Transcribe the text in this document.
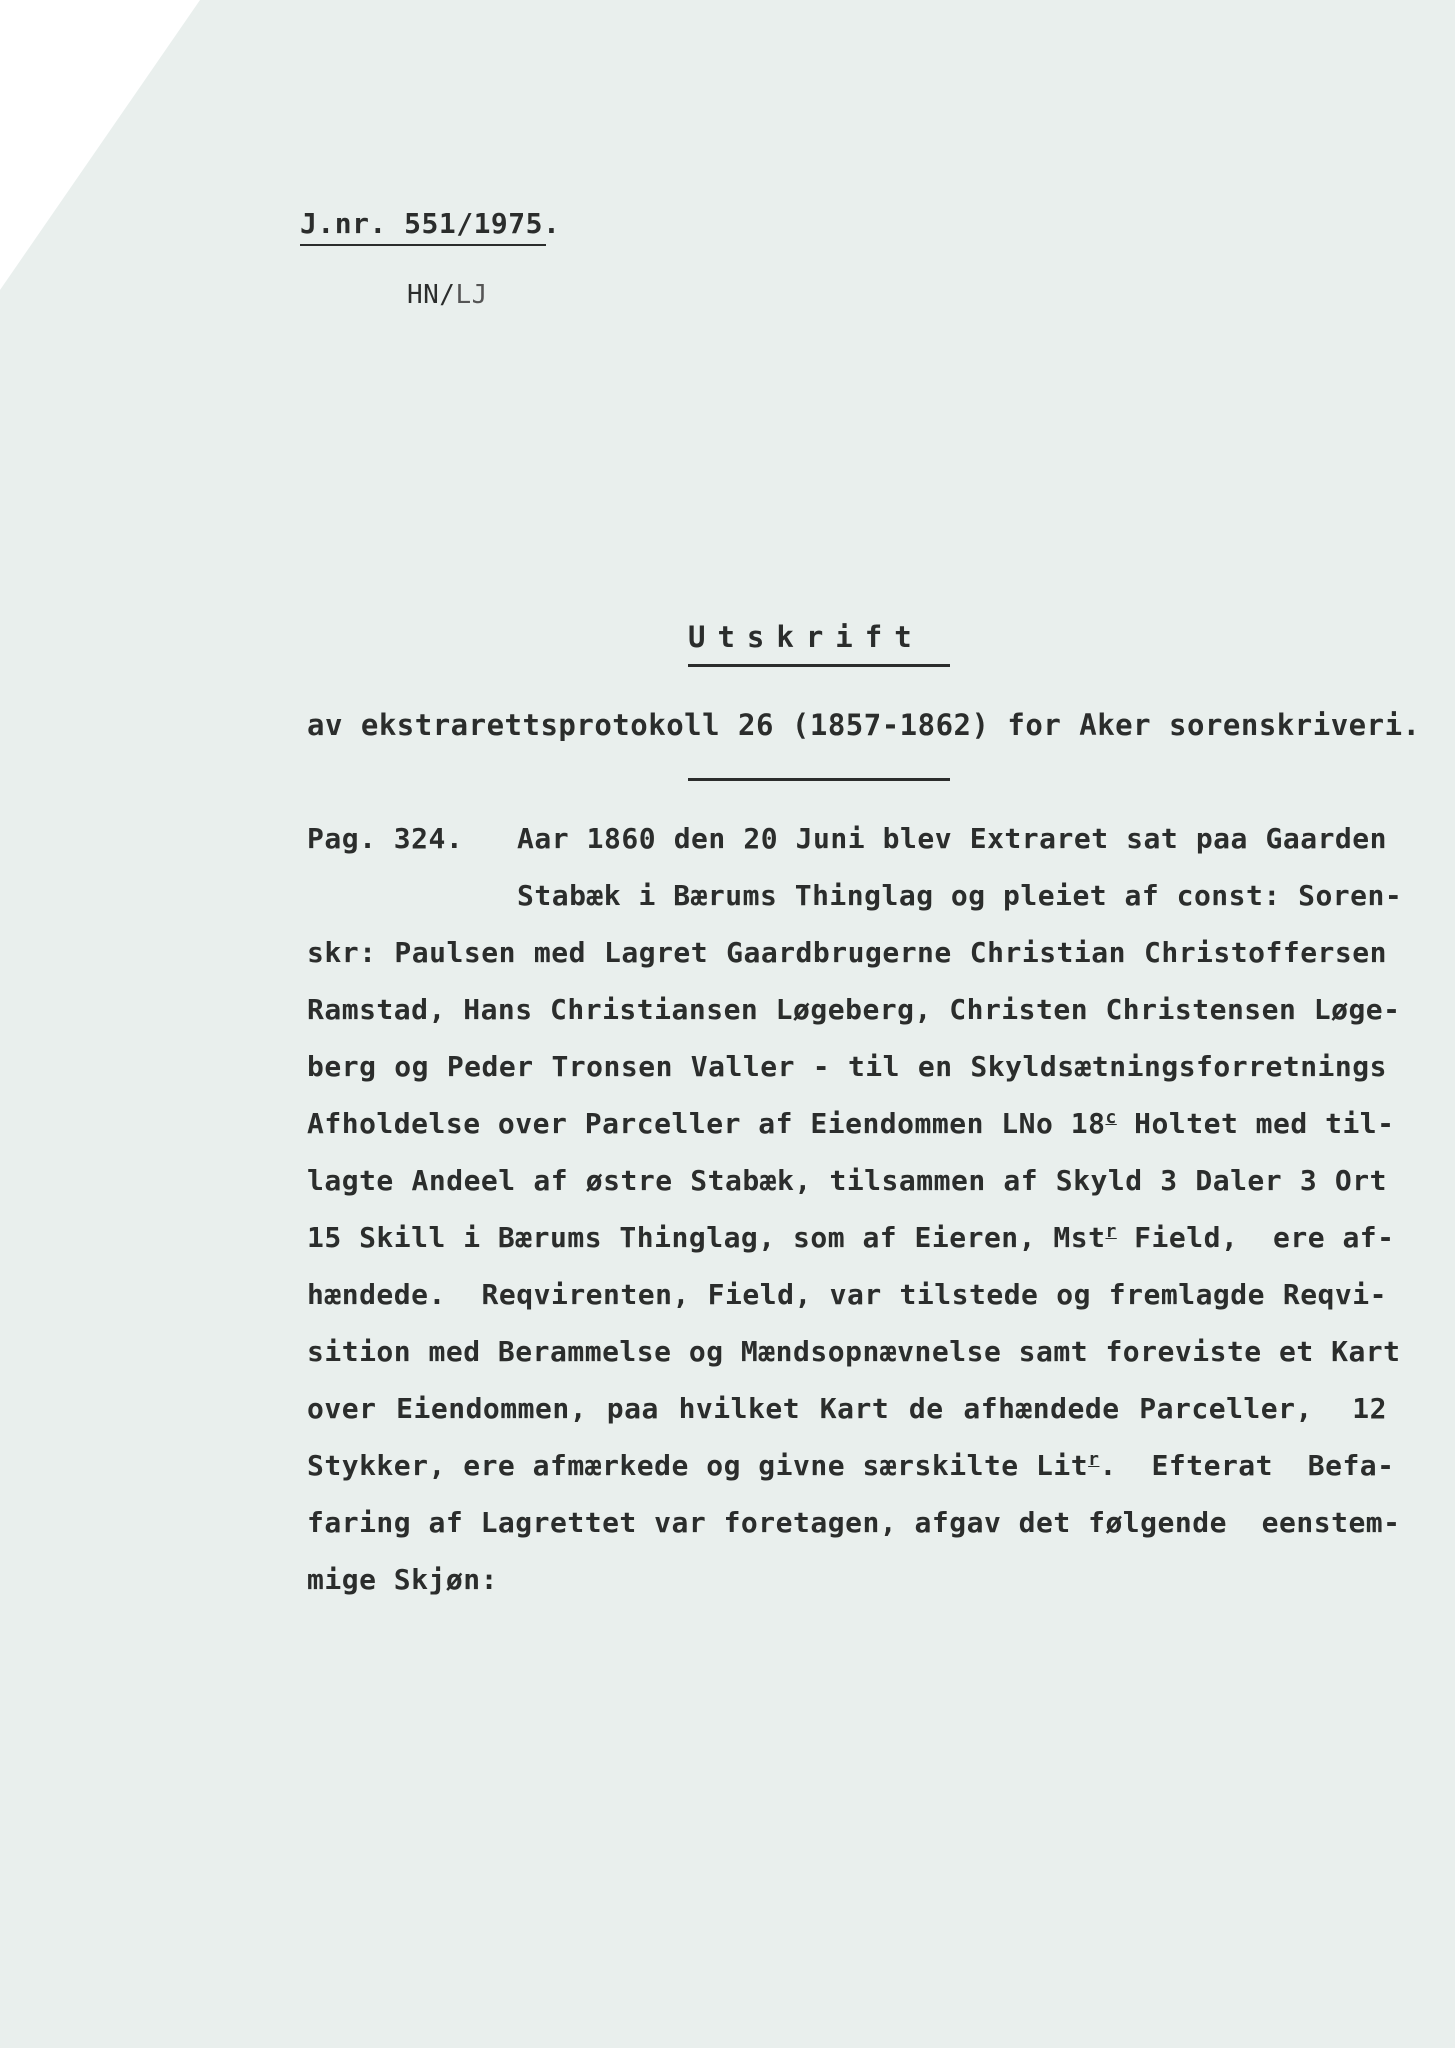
J.nr. 551/1975.
HN/LJ
Utskrift
av ekstrarettsprotokoll 26 (1857-1862) for Aker sorenskriveri.
Pag. 324. Aar 1860 den 20 Juni blev Extraret sat paa Gaarden
Stabæk i Bærums Thinglag og pleiet af const: Soren-
skr: Paulsen med Lagret Gaardbrugerne Christian Christoffersen
Ramstad, Hans Christiansen Løgeberg, Christen Christensen Løge-
berg og Peder Tronsen Valler - til en Skyldsætningsforretnings
Afholdelse over Parceller af Eiendommen LNo 18$^c$ Holtet med til-
lagte Andeel af østre Stabæk, tilsammen af Skyld 3 Daler 3 Ort
15 Skill i Bærums Thinglag, som af Eieren, Mst$^r$ Field,  ere af-
hændede.  Reqvirenten, Field, var tilstede og fremlagde Reqvi-
sition med Berammelse og Mændsopnævnelse samt foreviste et Kart
over Eiendommen, paa hvilket Kart de afhændede Parceller,  12
Stykker, ere afmærkede og givne særskilte Lit$^r$.  Efterat  Befa-
faring af Lagrettet var foretagen, afgav det følgende  eenstem-
mige Skjøn:
